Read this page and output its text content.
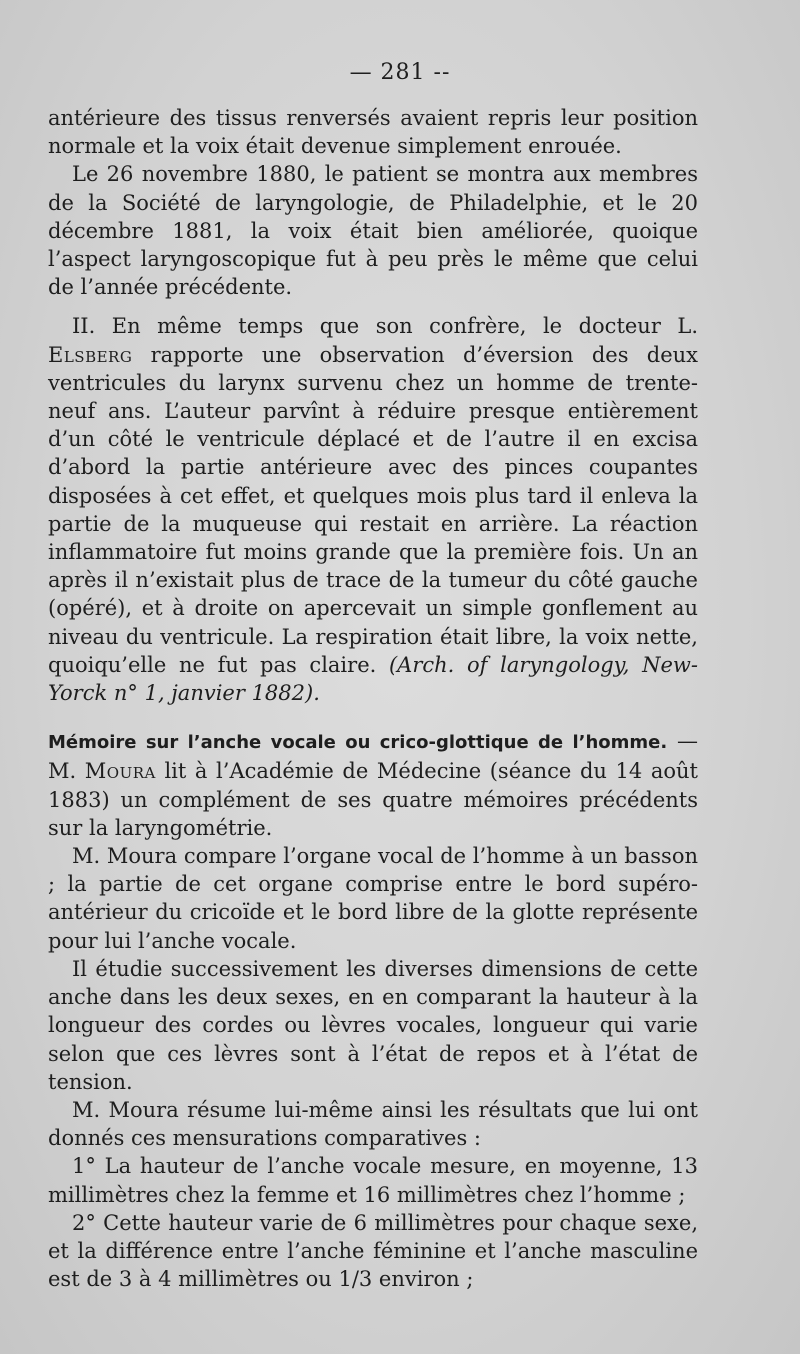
— 281 --

antérieure des tissus renversés avaient repris leur position normale et la voix était devenue simplement enrouée.

Le 26 novembre 1880, le patient se montra aux membres de la Société de laryngologie, de Philadelphie, et le 20 décembre 1881, la voix était bien améliorée, quoique l’aspect laryngoscopique fut à peu près le même que celui de l’année précédente.

II. En même temps que son confrère, le docteur L. Elsberg rapporte une observation d’éversion des deux ventricules du larynx survenu chez un homme de trente-neuf ans. L’auteur parvînt à réduire presque entièrement d’un côté le ventricule déplacé et de l’autre il en excisa d’abord la partie antérieure avec des pinces coupantes disposées à cet effet, et quelques mois plus tard il enleva la partie de la muqueuse qui restait en arrière. La réaction inflammatoire fut moins grande que la première fois. Un an après il n’existait plus de trace de la tumeur du côté gauche (opéré), et à droite on apercevait un simple gonflement au niveau du ventricule. La respiration était libre, la voix nette, quoiqu’elle ne fut pas claire. (Arch. of laryngology, New-Yorck n° 1, janvier 1882).

Mémoire sur l’anche vocale ou crico-glottique de l’homme. — M. Moura lit à l’Académie de Médecine (séance du 14 août 1883) un complément de ses quatre mémoires précédents sur la laryngométrie.

M. Moura compare l’organe vocal de l’homme à un basson ; la partie de cet organe comprise entre le bord supéro-antérieur du cricoïde et le bord libre de la glotte représente pour lui l’anche vocale.

Il étudie successivement les diverses dimensions de cette anche dans les deux sexes, en en comparant la hauteur à la longueur des cordes ou lèvres vocales, longueur qui varie selon que ces lèvres sont à l’état de repos et à l’état de tension.

M. Moura résume lui-même ainsi les résultats que lui ont donnés ces mensurations comparatives :

1° La hauteur de l’anche vocale mesure, en moyenne, 13 millimètres chez la femme et 16 millimètres chez l’homme ;

2° Cette hauteur varie de 6 millimètres pour chaque sexe, et la différence entre l’anche féminine et l’anche masculine est de 3 à 4 millimètres ou 1/3 environ ;
